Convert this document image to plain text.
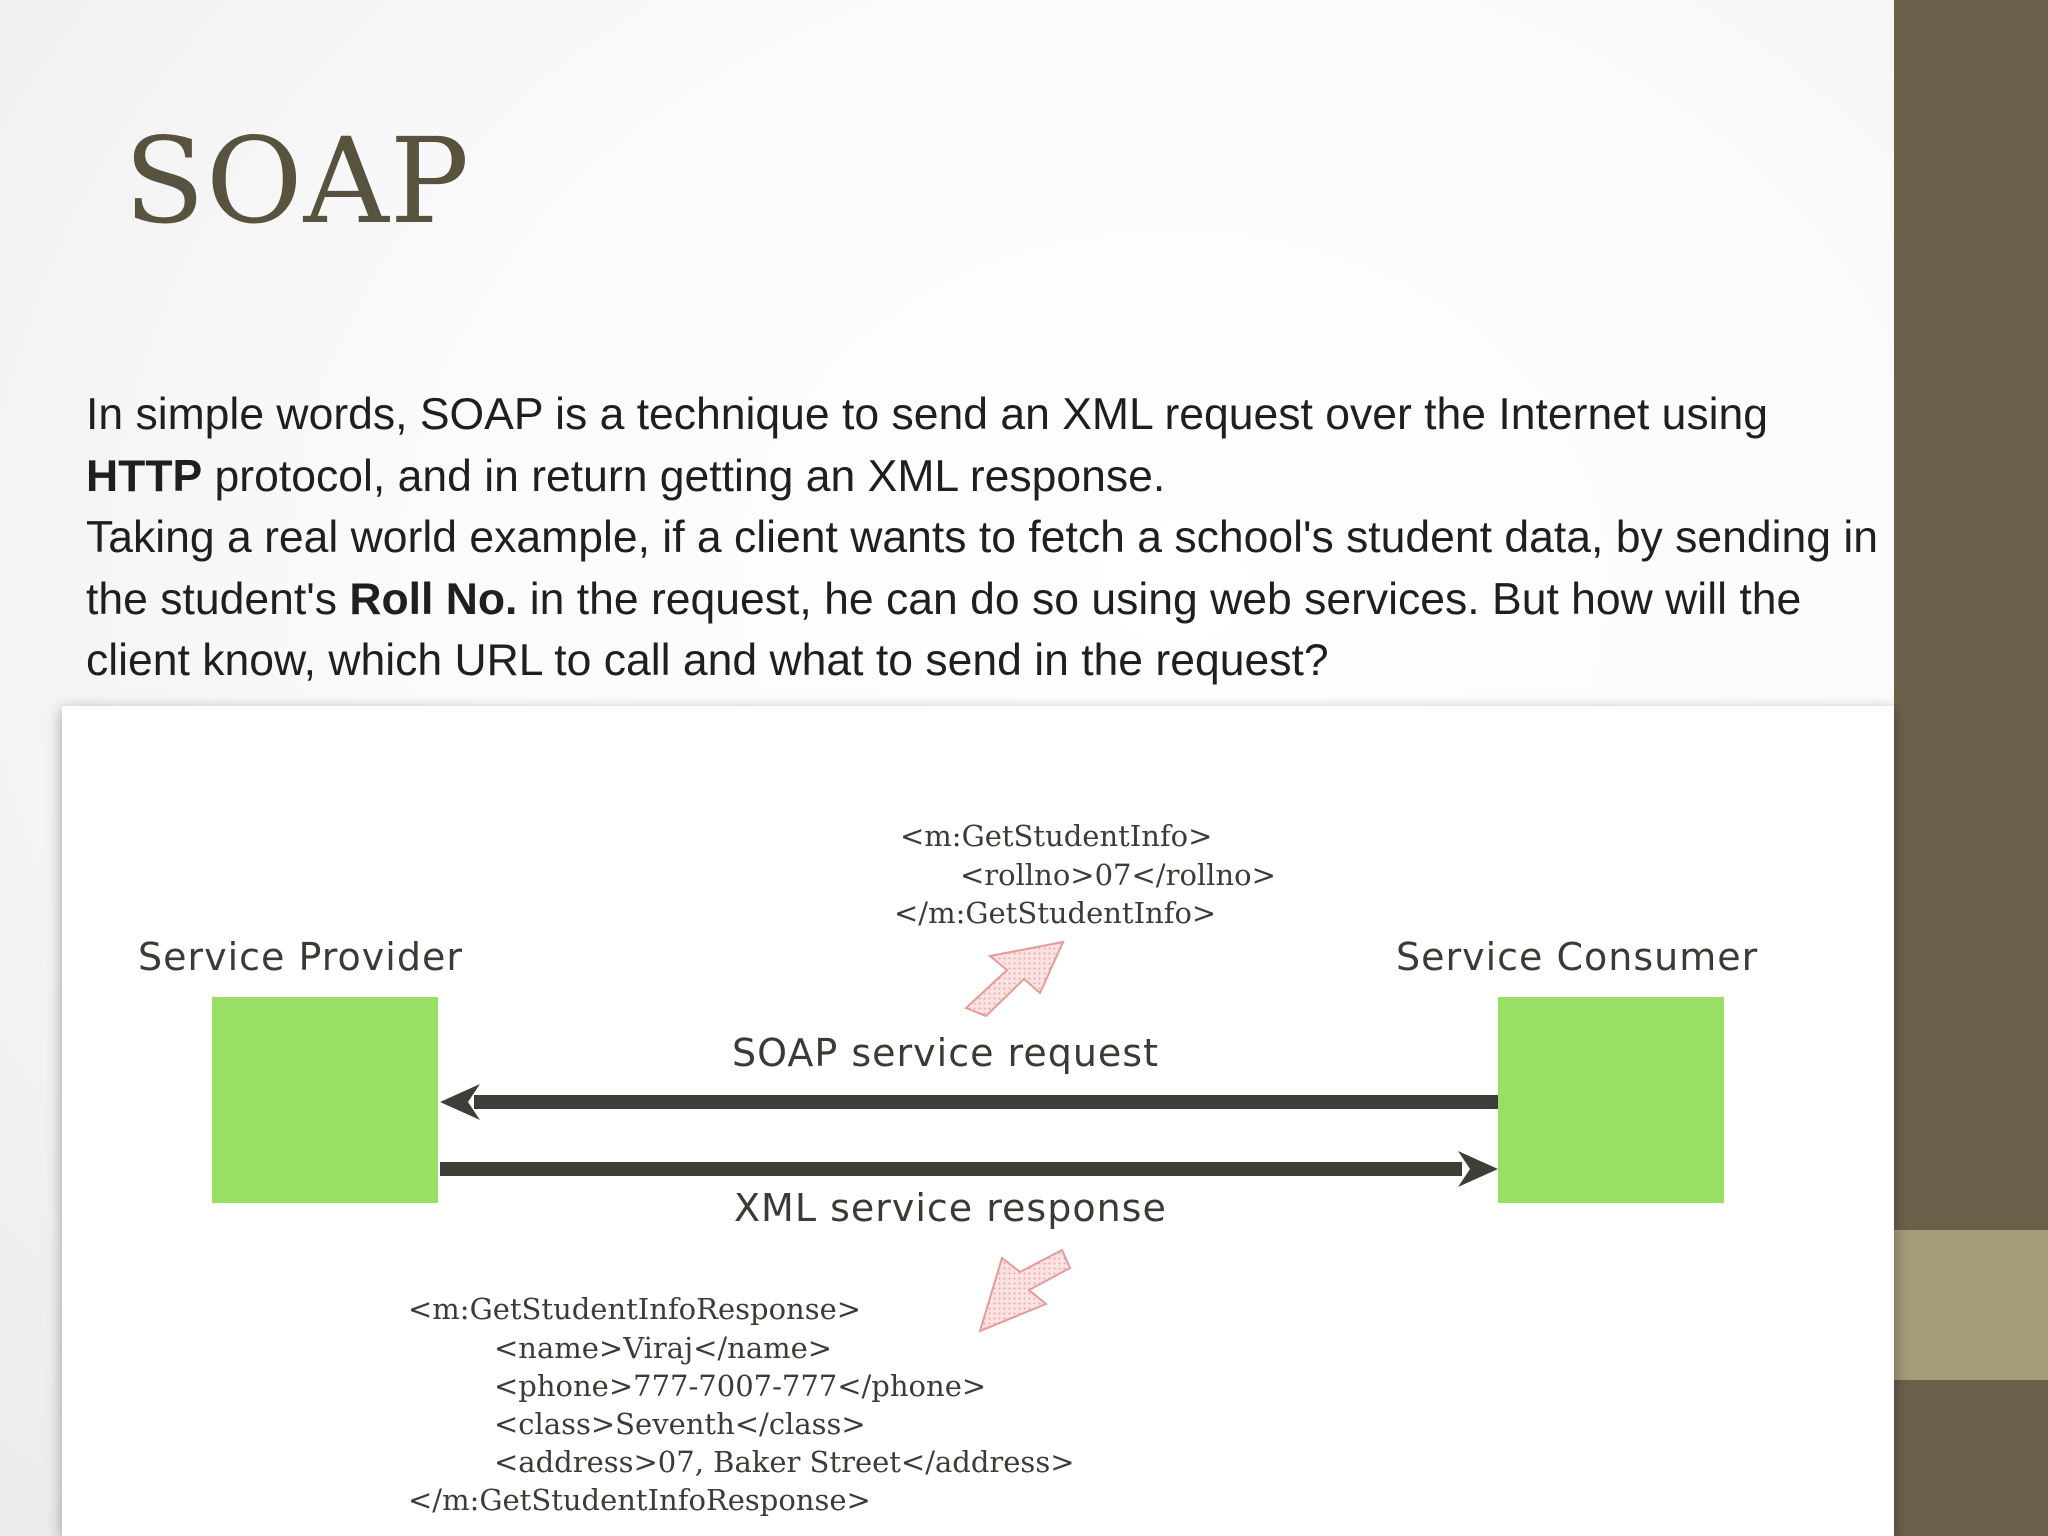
SOAP

In simple words, SOAP is a technique to send an XML request over the Internet using
HTTP protocol, and in return getting an XML response.

Taking a real world example, if a client wants to fetch a school's student data, by sending in the student's Roll No. in the request, he can do so using web services. But how will the client know, which URL to call and what to send in the request?

<m:GetStudentInfo>
<rollno>07</rollno>
</m:GetStudentInfo>
Service Provider	Service Consumer
SOAP service request
XML service response
<m:GetStudentInfoResponse>
<name>Viraj</name>
<phone>777-7007-777</phone>
<class>Seventh</class>
<address>07, Baker Street</address>
</m:GetStudentInfoResponse>
